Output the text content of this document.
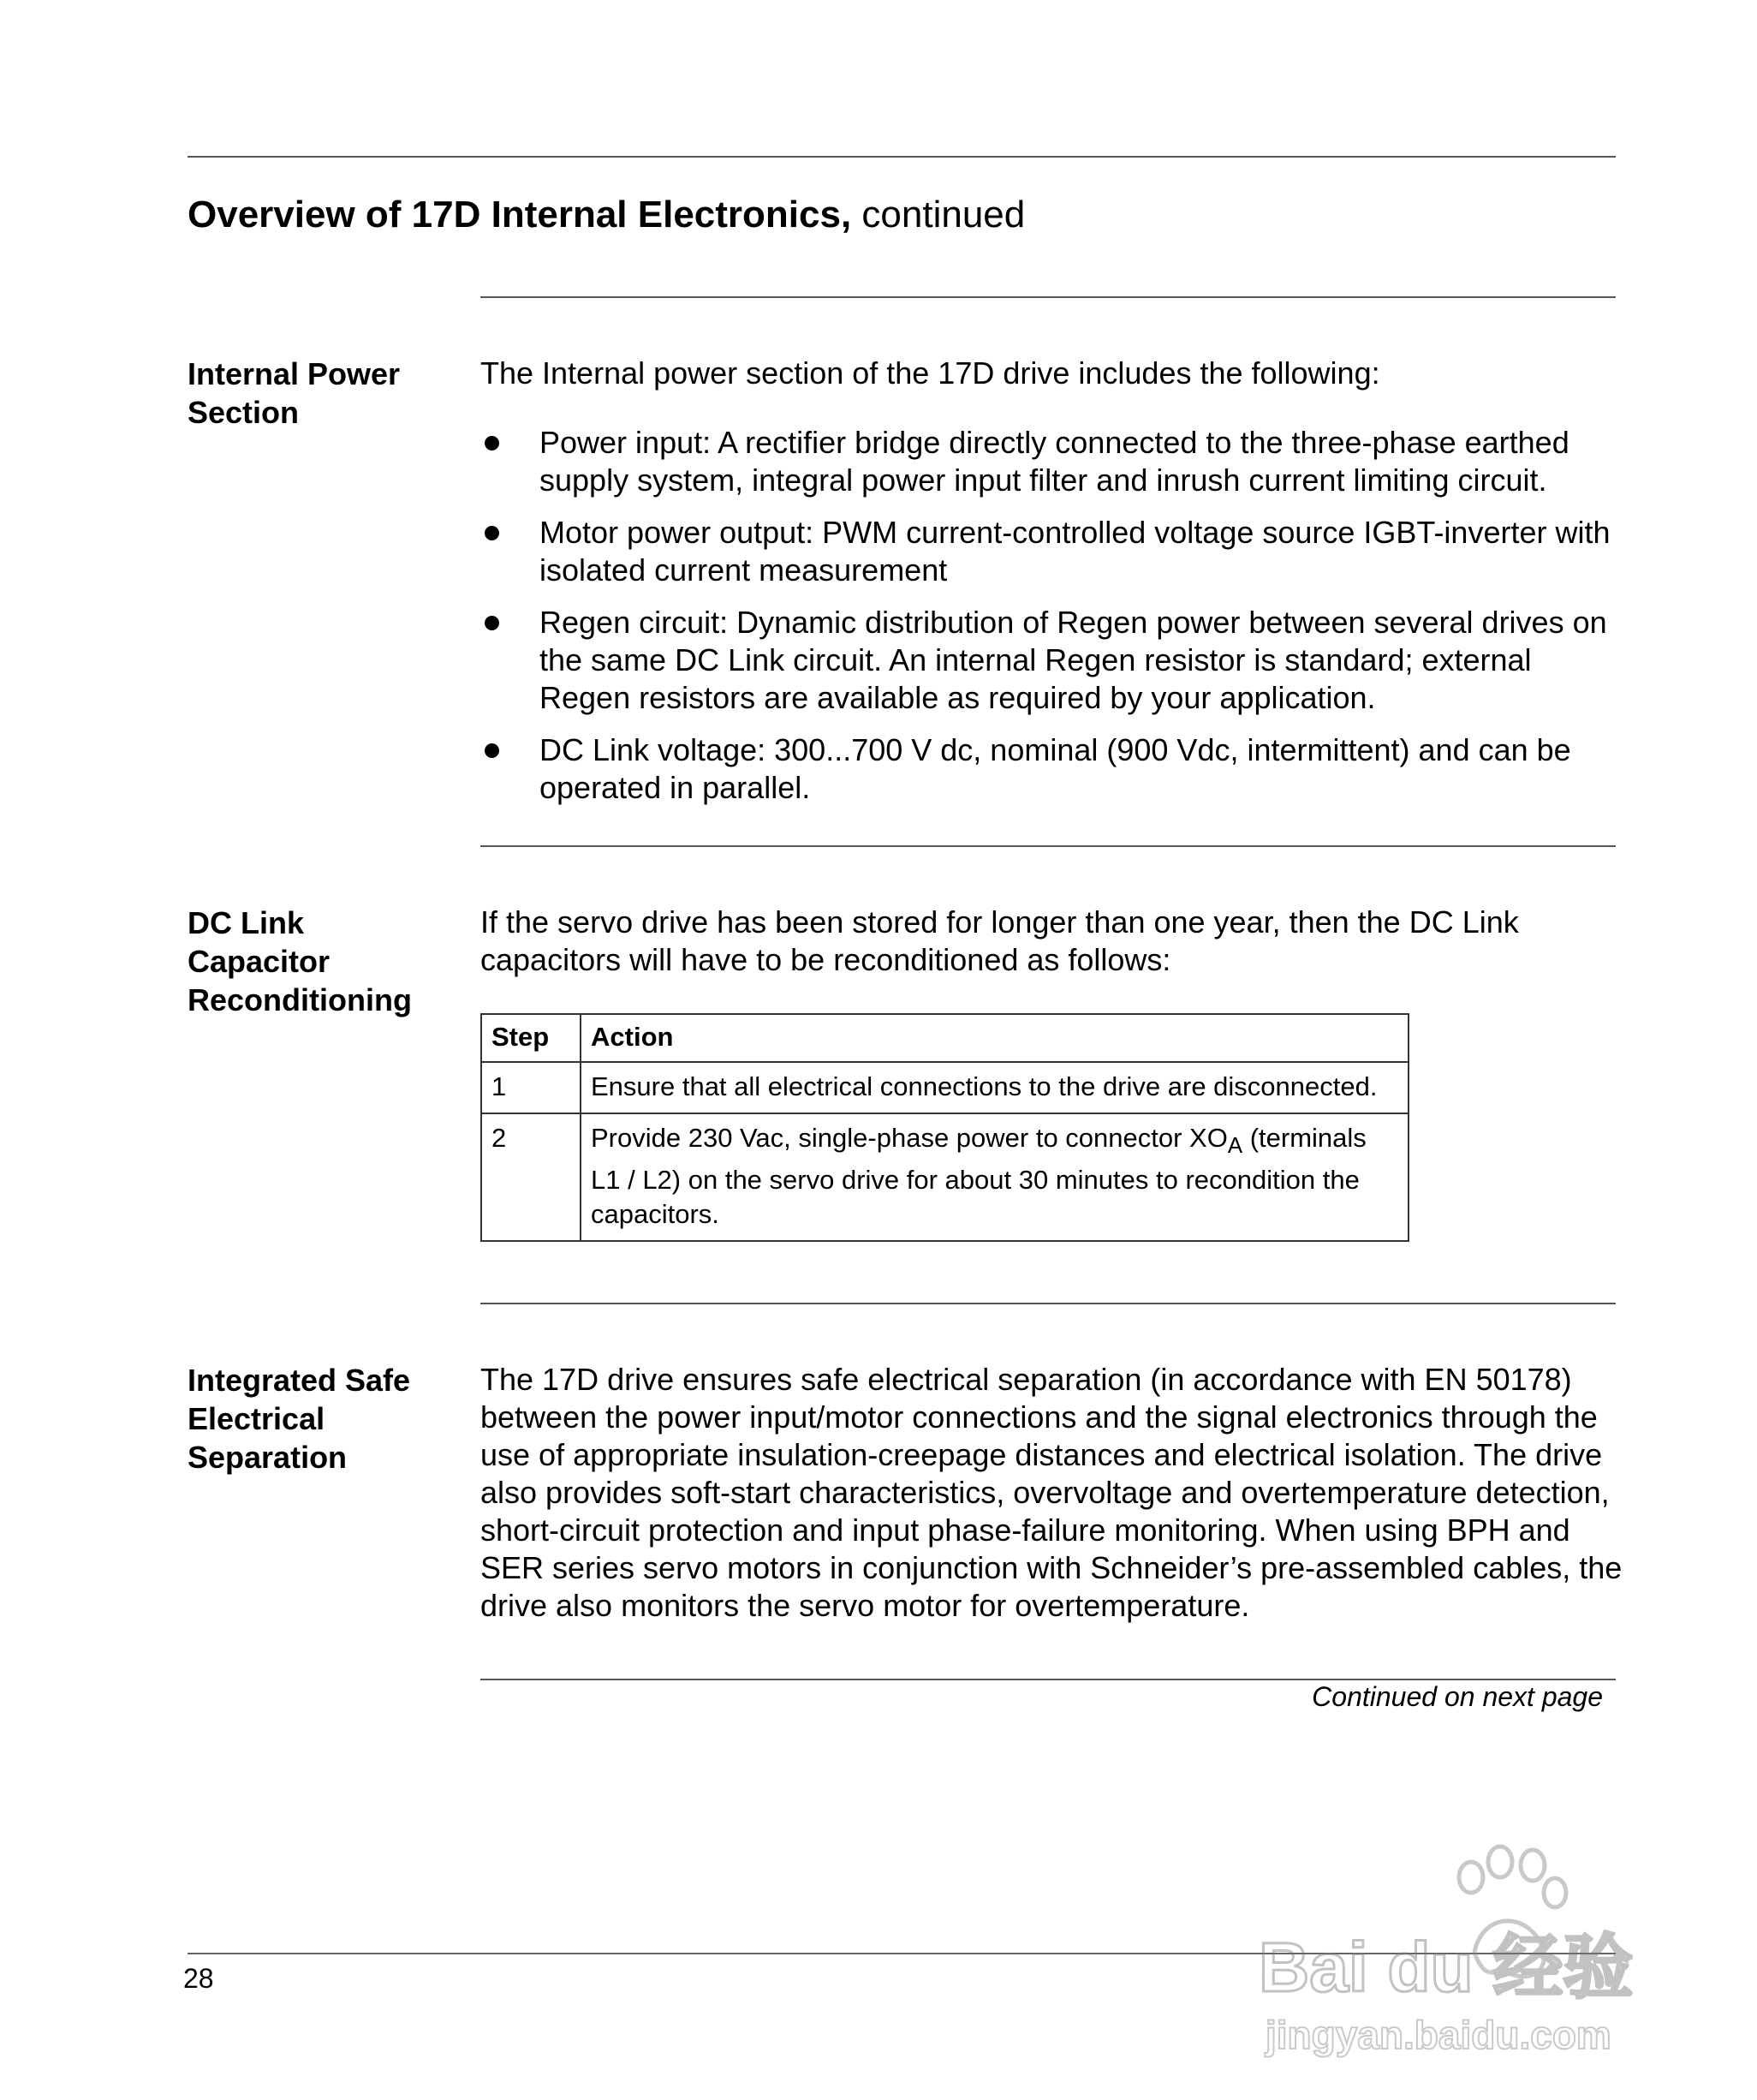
Overview of 17D Internal Electronics, continued
Internal Power Section
The Internal power section of the 17D drive includes the following:
Power input: A rectifier bridge directly connected to the three-phase earthed supply system, integral power input filter and inrush current limiting circuit.
Motor power output: PWM current-controlled voltage source IGBT-inverter with isolated current measurement
Regen circuit: Dynamic distribution of Regen power between several drives on the same DC Link circuit. An internal Regen resistor is standard; external Regen resistors are available as required by your application.
DC Link voltage: 300...700 V dc, nominal (900 Vdc, intermittent) and can be operated in parallel.
DC Link Capacitor Reconditioning
If the servo drive has been stored for longer than one year, then the DC Link capacitors will have to be reconditioned as follows:
Step	Action
1	Ensure that all electrical connections to the drive are disconnected.
2	Provide 230 Vac, single-phase power to connector $XO_A$ (terminals L1 / L2) on the servo drive for about 30 minutes to recondition the capacitors.
Integrated Safe Electrical Separation
The 17D drive ensures safe electrical separation (in accordance with EN 50178) between the power input/motor connections and the signal electronics through the use of appropriate insulation-creepage distances and electrical isolation. The drive also provides soft-start characteristics, overvoltage and overtemperature detection, short-circuit protection and input phase-failure monitoring. When using BPH and SER series servo motors in conjunction with Schneider’s pre-assembled cables, the drive also monitors the servo motor for overtemperature.
Continued on next page
28	Bai du 经验
jingyan.baidu.com
